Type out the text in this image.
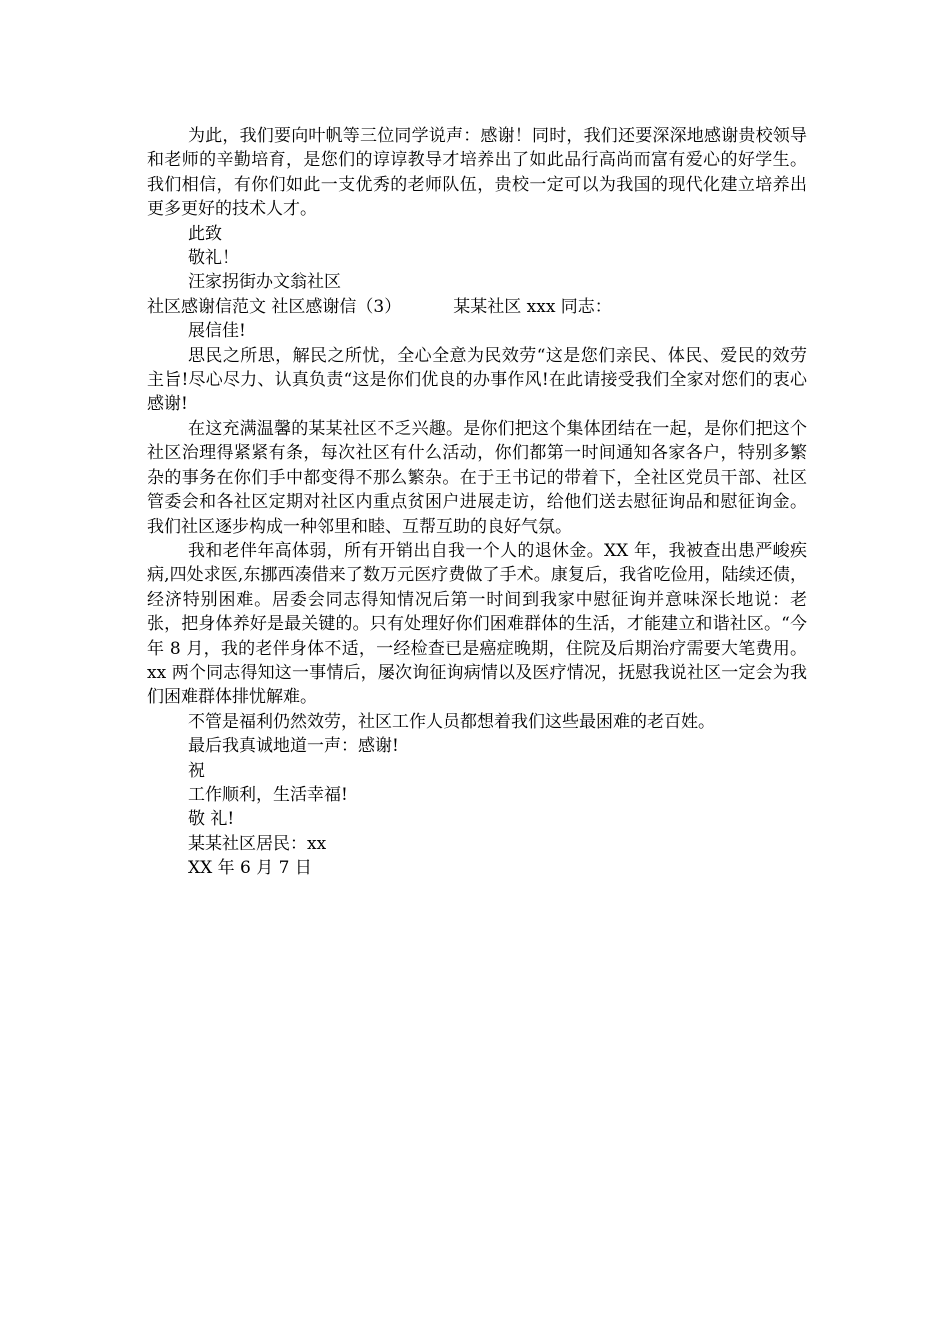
为此，我们要向叶帆等三位同学说声：感谢！同时，我们还要深深地感谢贵校领导和老师的辛勤培育，是您们的谆谆教导才培养出了如此品行高尚而富有爱心的好学生。我们相信，有你们如此一支优秀的老师队伍，贵校一定可以为我国的现代化建立培养出更多更好的技术人才。

此致

敬礼！

汪家拐街办文翁社区

社区感谢信范文 社区感谢信（3）	某某社区 xxx 同志：

展信佳!

思民之所思，解民之所忧，全心全意为民效劳“这是您们亲民、体民、爱民的效劳主旨!尽心尽力、认真负责“这是你们优良的办事作风!在此请接受我们全家对您们的衷心感谢!

在这充满温馨的某某社区不乏兴趣。是你们把这个集体团结在一起，是你们把这个社区治理得紧紧有条，每次社区有什么活动，你们都第一时间通知各家各户，特别多繁杂的事务在你们手中都变得不那么繁杂。在于王书记的带着下，全社区党员干部、社区管委会和各社区定期对社区内重点贫困户进展走访，给他们送去慰征询品和慰征询金。我们社区逐步构成一种邻里和睦、互帮互助的良好气氛。

我和老伴年高体弱，所有开销出自我一个人的退休金。XX 年，我被查出患严峻疾病,四处求医,东挪西凑借来了数万元医疗费做了手术。康复后，我省吃俭用，陆续还债，经济特别困难。居委会同志得知情况后第一时间到我家中慰征询并意味深长地说：老张，把身体养好是最关键的。只有处理好你们困难群体的生活，才能建立和谐社区。“今年 8 月，我的老伴身体不适，一经检查已是癌症晚期，住院及后期治疗需要大笔费用。xx 两个同志得知这一事情后，屡次询征询病情以及医疗情况，抚慰我说社区一定会为我们困难群体排忧解难。

不管是福利仍然效劳，社区工作人员都想着我们这些最困难的老百姓。

最后我真诚地道一声：感谢!

祝

工作顺利，生活幸福!

敬 礼!

某某社区居民：xx

XX 年 6 月 7 日
